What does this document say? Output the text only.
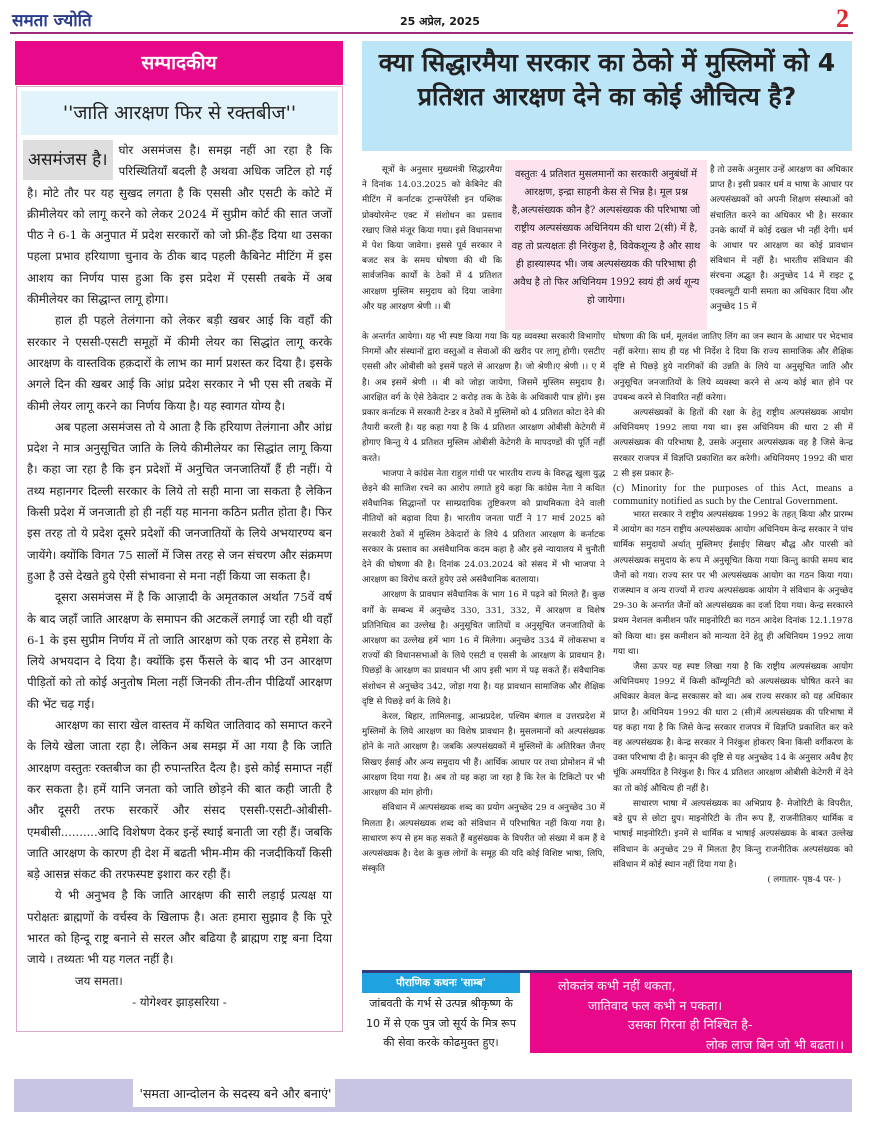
समता ज्योति	25 अप्रेल, 2025	2
सम्पादकीय
''जाति आरक्षण फिर से रक्तबीज''

असमंजस है। घोर असमंजस है। समझ नहीं आ रहा है कि परिस्थितियाँ बदली है अथवा अधिक जटिल हो गई है। मोटे तौर पर यह सुखद लगता है कि एससी और एसटी के कोटे में क्रीमीलेयर को लागू करने को लेकर 2024 में सुप्रीम कोर्ट की सात जजों पीठ ने 6-1 के अनुपात में प्रदेश सरकारों को जो फ्री-हैंड दिया था उसका पहला प्रभाव हरियाणा चुनाव के ठीक बाद पहली कैबिनेट मीटिंग में इस आशय का निर्णय पास हुआ कि इस प्रदेश में एससी तबके में अब कीमीलेयर का सिद्धान्त लागू होगा।

हाल ही पहले तेलंगाना को लेकर बड़ी खबर आई कि वहाँ की सरकार ने एससी-एसटी समूहों में कीमी लेयर का सिद्धांत लागू करके आरक्षण के वास्तविक हक़दारों के लाभ का मार्ग प्रशस्त कर दिया है। इसके अगले दिन की खबर आई कि आंध्र प्रदेश सरकार ने भी एस सी तबके में कीमी लेयर लागू करने का निर्णय किया है। यह स्वागत योग्य है।

अब पहला असमंजस तो ये आता है कि हरियाण तेलंगाना और आंध्र प्रदेश ने मात्र अनुसूचित जाति के लिये कीमीलेयर का सिद्धांत लागू किया है। कहा जा रहा है कि इन प्रदेशों में अनुचित जनजातियाँ हैं ही नहीं। ये तथ्य महानगर दिल्ली सरकार के लिये तो सही माना जा सकता है लेकिन किसी प्रदेश में जनजाती हो ही नहीं यह मानना कठिन प्रतीत होता है। फिर इस तरह तो ये प्रदेश दूसरे प्रदेशों की जनजातियों के लिये अभयारण्य बन जायेंगे। क्योंकि विगत 75 सालों में जिस तरह से जन संचरण और संक्रमण हुआ है उसे देखते हुये ऐसी संभावना से मना नहीं किया जा सकता है।

दूसरा असमंजस में है कि आज़ादी के अमृतकाल अर्थात 75वें वर्ष के बाद जहाँ जाति आरक्षण के समापन की अटकलें लगाई जा रही थी वहाँ 6-1 के इस सुप्रीम निर्णय में तो जाति आरक्षण को एक तरह से हमेशा के लिये अभयदान दे दिया है। क्योंकि इस फैंसले के बाद भी उन आरक्षण पीड़ितों को तो कोई अनुतोष मिला नहीं जिनकी तीन-तीन पीढियाँ आरक्षण की भेंट चढ़ गई।

आरक्षण का सारा खेल वास्तव में कथित जातिवाद को समाप्त करने के लिये खेला जाता रहा है। लेकिन अब समझ में आ गया है कि जाति आरक्षण वस्तुतः रक्तबीज का ही रुपान्तरित दैत्य है। इसे कोई समाप्त नहीं कर सकता है। हमें यानि जनता को जाति छोड़ने की बात कही जाती है और दूसरी तरफ सरकारें और संसद एससी-एसटी-ओबीसी- एमबीसी..........आदि विशेषण देकर इन्हें स्थाई बनाती जा रही हैं। जबकि जाति आरक्षण के कारण ही देश में बढती भीम-मीम की नजदीकियाँ किसी बड़े आसन्न संकट की तरफस्पष्ट इशारा कर रही हैं।

ये भी अनुभव है कि जाति आरक्षण की सारी लड़ाई प्रत्यक्ष या परोक्षतः ब्राह्मणों के वर्चस्व के खिलाफ है। अतः हमारा सुझाव है कि पूरे भारत को हिन्दू राष्ट्र बनाने से सरल और बढिया है ब्राह्मण राष्ट्र बना दिया जाये । तथ्यतः भी यह गलत नहीं है।

जय समता।
- योगेश्वर झाड़सरिया -
क्या सिद्धारमैया सरकार का ठेको में मुस्लिमों को 4 प्रतिशत आरक्षण देने का कोई औचित्य है?

सूत्रों के अनुसार मुख्यमंत्री सिद्धारमैया ने दिनांक 14.03.2025 को केबिनेट की मीटिंग में कर्नाटक ट्रान्सपेरेंसी इन पब्लिक प्रोक्योरमेन्ट एक्ट में संशोधन का प्रस्ताव रखाए जिसे मंजूर किया गया। इसे विधानसभा में पेश किया जावेगा। इससे पूर्व सरकार ने बजट सत्र के समय घोषणा की थी कि सार्वजनिक कार्यों के ठेकों में 4 प्रतिशत आरक्षण मुस्लिम समुदाय को दिया जावेगा और यह आरक्षण श्रेणी ।। बी

वस्तुतः 4 प्रतिशत मुसलमानों का सरकारी अनुबंधों में आरक्षण, इन्द्रा साहनी केस से भिन्न है। मूल प्रश्न है,अल्पसंख्यक कौन है? अल्पसंख्यक की परिभाषा जो राष्ट्रीय अल्पसंख्यक अधिनियम की धारा 2(सी) में है, वह तो प्रत्यक्षतः ही निरंकुश है, विवेकशून्य है और साथ ही हास्यास्पद भी। जब अल्पसंख्यक की परिभाषा ही अवैध है तो फिर अधिनियम 1992 स्वयं ही अर्थ शून्य हो जायेगा।

है तो उसके अनुसार उन्हें आरक्षण का अधिकार प्राप्त है। इसी प्रकार धर्म व भाषा के आधार पर अल्पसंख्यकों को अपनी शिक्षण संस्थाओं को संचालित करने का अधिकार भी है। सरकार उनके कार्यों में कोई दखल भी नहीं देगी। धर्म के आधार पर आरक्षण का कोई प्रावधान संविधान में नहीं है। भारतीय संविधान की संरचना अद्भुत है। अनुच्छेद 14 में राइट टू एक्वल्यूटी यानी समता का अधिकार दिया और अनुच्छेद 15 में

के अन्तर्गत आयेगा। यह भी स्पष्ट किया गया कि यह व्यवस्था सरकारी विभागोंए निगमों और संस्थानों द्वारा वस्तुओं व सेवाओं की खरीद पर लागू होगी। एसटीए एससी और ओबीसी को इसमें पहले से आरक्षण है। जो श्रेणी।ए श्रेणी ।। ए में है। अब इसमें श्रेणी ।। बी को जोड़ा जायेगा, जिसमें मुस्लिम समुदाय है। आरक्षित वर्ग के ऐसे ठेकेदार 2 करोड़ तक के ठेके के अधिकारी पात्र होंगे। इस प्रकार कर्नाटक में सरकारी टेन्डर व ठेकों में मुस्लिमों को 4 प्रतिशत कोटा देने की तैयारी करली है। यह कहा गया है कि 4 प्रतिशत आरक्षण ओबीसी केटेगरी में होगाए किन्तु ये 4 प्रतिशत मुस्लिम ओबीसी केटेगरी के मापदण्डों की पूर्ति नहीं करते।

भाजपा ने कांग्रेस नेता राहुल गांधी पर भारतीय राज्य के विरुद्ध खुला युद्ध छेड़ने की साजिश रचने का आरोप लगाते हुये कहा कि कांग्रेस नेता ने कथित संवैधानिक सिद्धान्तों पर साम्प्रदायिक तुष्टिकरण को प्राथमिकता देने वाली नीतियों को बढ़ावा दिया है। भारतीय जनता पार्टी ने 17 मार्च 2025 को सरकारी ठेकों में मुस्लिम ठेकेदारों के लिये 4 प्रतिशत आरक्षण के कर्नाटक सरकार के प्रस्ताव का असंवैधानिक कदम कहा है और इसे न्यायालय में चुनौती देने की घोषणा की है। दिनांक 24.03.2024 को संसद में भी भाजपा ने आरक्षण का विरोध करते हुयेए उसे असंवैधानिक बतलाया।

आरक्षण के प्रावधान संवैधानिक के भाग 16 में पढ़ने को मिलते हैं। कुछ वर्गों के सम्बन्ध में अनुच्छेद 330, 331, 332, में आरक्षण व विशेष प्रतिनिधित्व का उल्लेख है। अनुसूचित जातियों व अनुसूचित जनजातियों के आरक्षण का उल्लेख हमें भाग 16 में मिलेगा। अनुच्छेद 334 में लोकसभा व राज्यों की विधानसभाओं के लिये एसटी व एससी के आरक्षण के प्रावधान है। पिछड़ों के आरक्षण का प्रावधान भी आप इसी भाग में पढ़ सकते हैं। संवैधानिक संशोधन से अनुच्छेद 342, जोड़ा गया है। यह प्रावधान सामाजिक और शैक्षिक दृष्टि से पिछड़े वर्ग के लिये है।

केरल, बिहार, तामिलनाडु, आन्ध्रप्रदेश, पश्चिम बंगाल व उत्तरप्रदेश में मुस्लिमों के लिये आरक्षण का विशेष प्रावधान है। मुसलमानों को अल्पसंख्यक होने के नाते आरक्षण है। जबकि अल्पसंख्यकों में मुस्लिमों के अतिरिक्त जैनए सिखए ईसाई और अन्य समुदाय भी हैं। आर्थिक आधार पर तथा प्रोमोशन में भी आरक्षण दिया गया है। अब तो यह कहा जा रहा है कि रेल के टिकिटों पर भी आरक्षण की मांग होगी।

संविधान में अल्पसंख्यक शब्द का प्रयोग अनुच्छेद 29 व अनुच्छेद 30 में मिलता है। अल्पसंख्यक शब्द को संविधान में परिभाषित नहीं किया गया है। साधारण रूप से हम कह सकते हैं बहुसंख्यक के विपरीत जो संख्या में कम हैं वे अल्पसंख्यक है। देश के कुछ लोगों के समूह की यदि कोई विशिष्ट भाषा, लिपि, संस्कृति

घोषणा की कि धर्म, मूलवंश जातिए लिंग का जन स्थान के आधार पर भेदभाव नहीं करेगा। साथ ही यह भी निर्देश दे दिया कि राज्य सामाजिक और शैक्षिक दृष्टि से पिछड़े हुये नारगिकों की उन्नति के लिये या अनुसूचित जाति और अनुसूचित जनजातियों के लिये व्यवस्था करने से अन्य कोई बात होने पर उपबन्ध करने से निवारित नहीं करेगा।

अल्पसंख्यकों के हितों की रक्षा के हेतु राष्ट्रीय अल्पसंख्यक आयोग अधिनियमए 1992 लाया गया था। इस अधिनियम की धारा 2 सी में अल्पसंख्यक की परिभाषा है, उसके अनुसार अल्पसंख्यक वह है जिसे केन्द्र सरकार राजपत्र में विज्ञप्ति प्रकाशित कर करेगी। अधिनियमए 1992 की धारा 2 सी इस प्रकार हैः-

(c) Minority for the purposes of this Act, means a community notified as such by the Central Government.

भारत सरकार ने राष्ट्रीय अल्पसंख्यक 1992 के तहत् किया और प्रारम्भ में आयोग का गठन राष्ट्रीय अल्पसंख्यक आयोग अधिनियम केन्द्र सरकार ने पांच धार्मिक समुदायों अर्थात् मुस्लिमए ईसाईए सिखए बौद्ध और पारसी को अल्पसंख्यक समुदाय के रूप में अनुसूचित किया गयाः किन्तु काफी समय बाद जैनों को गया। राज्य स्तर पर भी अल्पसंख्यक आयोग का गठन किया गया। राजस्थान व अन्य राज्यों में राज्य अल्पसंख्यक आयोग ने संविधान के अनुच्छेद 29-30 के अन्तर्गत जैनों को अल्पसंख्यक का दर्जा दिया गया। केन्द्र सरकारने प्रथम नेशनल कमीशन फॉर माइनोरिटी का गठन आदेश दिनांक 12.1.1978 को किया था। इस कमीशन को मान्यता देने हेतु ही अधिनियम 1992 लाया गया था।

जैसा ऊपर यह स्पष्ट लिखा गया है कि राष्ट्रीय अल्पसंख्यक आयोग अधिनियमए 1992 में किसी कॉम्यूनिटी को अल्पसंख्यक घोषित करने का अधिकार केवल केन्द्र सरकासर को था। अब राज्य सरकार को यह अधिकार प्राप्त है। अधिनियम 1992 की धारा 2 (सी)में अल्पसंख्यक की परिभाषा में यह कहा गया है कि जिसे केन्द्र सरकार राजपत्र में विज्ञप्ति प्रकाशित कर करे वह अल्पसंख्यक है। केन्द्र सरकार ने निरंकुश होकरए बिना किसी वर्गीकरण के उक्त परिभाषा दी है। कानून की दृष्टि से यह अनुच्छेद 14 के अनुसार अवैध हैए चूंकि अमर्यादित है निरंकुश है। फिर 4 प्रतिशत आरक्षण ओबीसी केटेगरी में देने का तो कोई औचित्य ही नहीं है।

साधारण भाषा में अल्पसंख्यक का अभिप्राय है- मेजोरिटी के विपरीत, बडे ग्रुप से छोटा ग्रुप। माइनोरिटी के तीन रूप हैं, राजनीतिकए धार्मिक व भाषाई माइनोरिटी। इनमें से धार्मिक व भाषाई अल्पसंख्यक के बाबत उल्लेख संविधान के अनुच्छेद 29 में मिलता हैए किन्तु राजनीतिक अल्पसंख्यक को संविधान में कोई स्थान नहीं दिया गया है।

( लगातार- पृष्ठ-4 पर- )
पौराणिक कथनः 'साम्ब'
जांबवती के गर्भ से उत्पन्न श्रीकृष्ण के 10 में से एक पुत्र जो सूर्य के मित्र रूप की सेवा करके कोढमुक्त हुए।
लोकतंत्र कभी नहीं थकता,
जातिवाद फल कभी न पकता।
उसका गिरना ही निश्चित है-
लोक लाज बिन जो भी बढता।।
'समता आन्दोलन के सदस्य बने और बनाएं'
